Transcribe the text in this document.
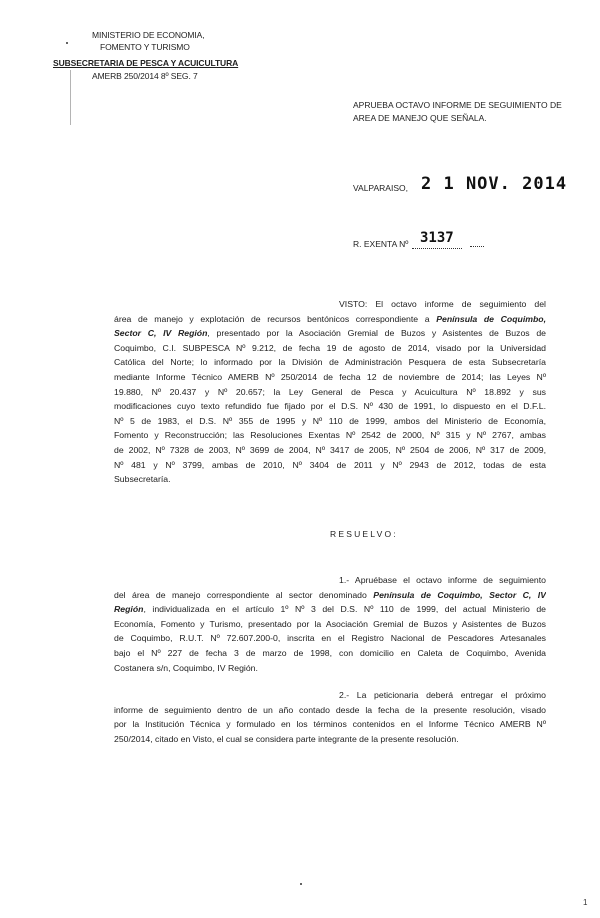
MINISTERIO DE ECONOMIA,
FOMENTO Y TURISMO
SUBSECRETARIA DE PESCA Y ACUICULTURA
AMERB 250/2014 8º SEG. 7

APRUEBA OCTAVO INFORME DE SEGUIMIENTO DE
AREA DE MANEJO QUE SEÑALA.
VALPARAISO, 2 1 NOV. 2014
R. EXENTA Nº 3137
VISTO: El octavo informe de seguimiento del
área de manejo y explotación de recursos bentónicos correspondiente a Península de Coquimbo,
Sector C, IV Región, presentado por la Asociación Gremial de Buzos y Asistentes de Buzos de
Coquimbo, C.I. SUBPESCA Nº 9.212, de fecha 19 de agosto de 2014, visado por la Universidad
Católica del Norte; lo informado por la División de Administración Pesquera de esta Subsecretaría
mediante Informe Técnico AMERB Nº 250/2014 de fecha 12 de noviembre de 2014; las Leyes Nº
19.880, Nº 20.437 y Nº 20.657; la Ley General de Pesca y Acuicultura Nº 18.892 y sus
modificaciones cuyo texto refundido fue fijado por el D.S. Nº 430 de 1991, lo dispuesto en el D.F.L.
Nº 5 de 1983, el D.S. Nº 355 de 1995 y Nº 110 de 1999, ambos del Ministerio de Economía,
Fomento y Reconstrucción; las Resoluciones Exentas Nº 2542 de 2000, Nº 315 y Nº 2767, ambas
de 2002, Nº 7328 de 2003, Nº 3699 de 2004, Nº 3417 de 2005, Nº 2504 de 2006, Nº 317 de 2009,
Nº 481 y Nº 3799, ambas de 2010, Nº 3404 de 2011 y Nº 2943 de 2012, todas de esta
Subsecretaría.
RESUELVO:
1.- Apruébase el octavo informe de seguimiento
del área de manejo correspondiente al sector denominado Península de Coquimbo, Sector C, IV
Región, individualizada en el artículo 1º Nº 3 del D.S. Nº 110 de 1999, del actual Ministerio de
Economía, Fomento y Turismo, presentado por la Asociación Gremial de Buzos y Asistentes de Buzos
de Coquimbo, R.U.T. Nº 72.607.200-0, inscrita en el Registro Nacional de Pescadores Artesanales
bajo el Nº 227 de fecha 3 de marzo de 1998, con domicilio en Caleta de Coquimbo, Avenida
Costanera s/n, Coquimbo, IV Región.
2.- La peticionaria deberá entregar el próximo
informe de seguimiento dentro de un año contado desde la fecha de la presente resolución, visado
por la Institución Técnica y formulado en los términos contenidos en el Informe Técnico AMERB Nº
250/2014, citado en Visto, el cual se considera parte integrante de la presente resolución.
1
